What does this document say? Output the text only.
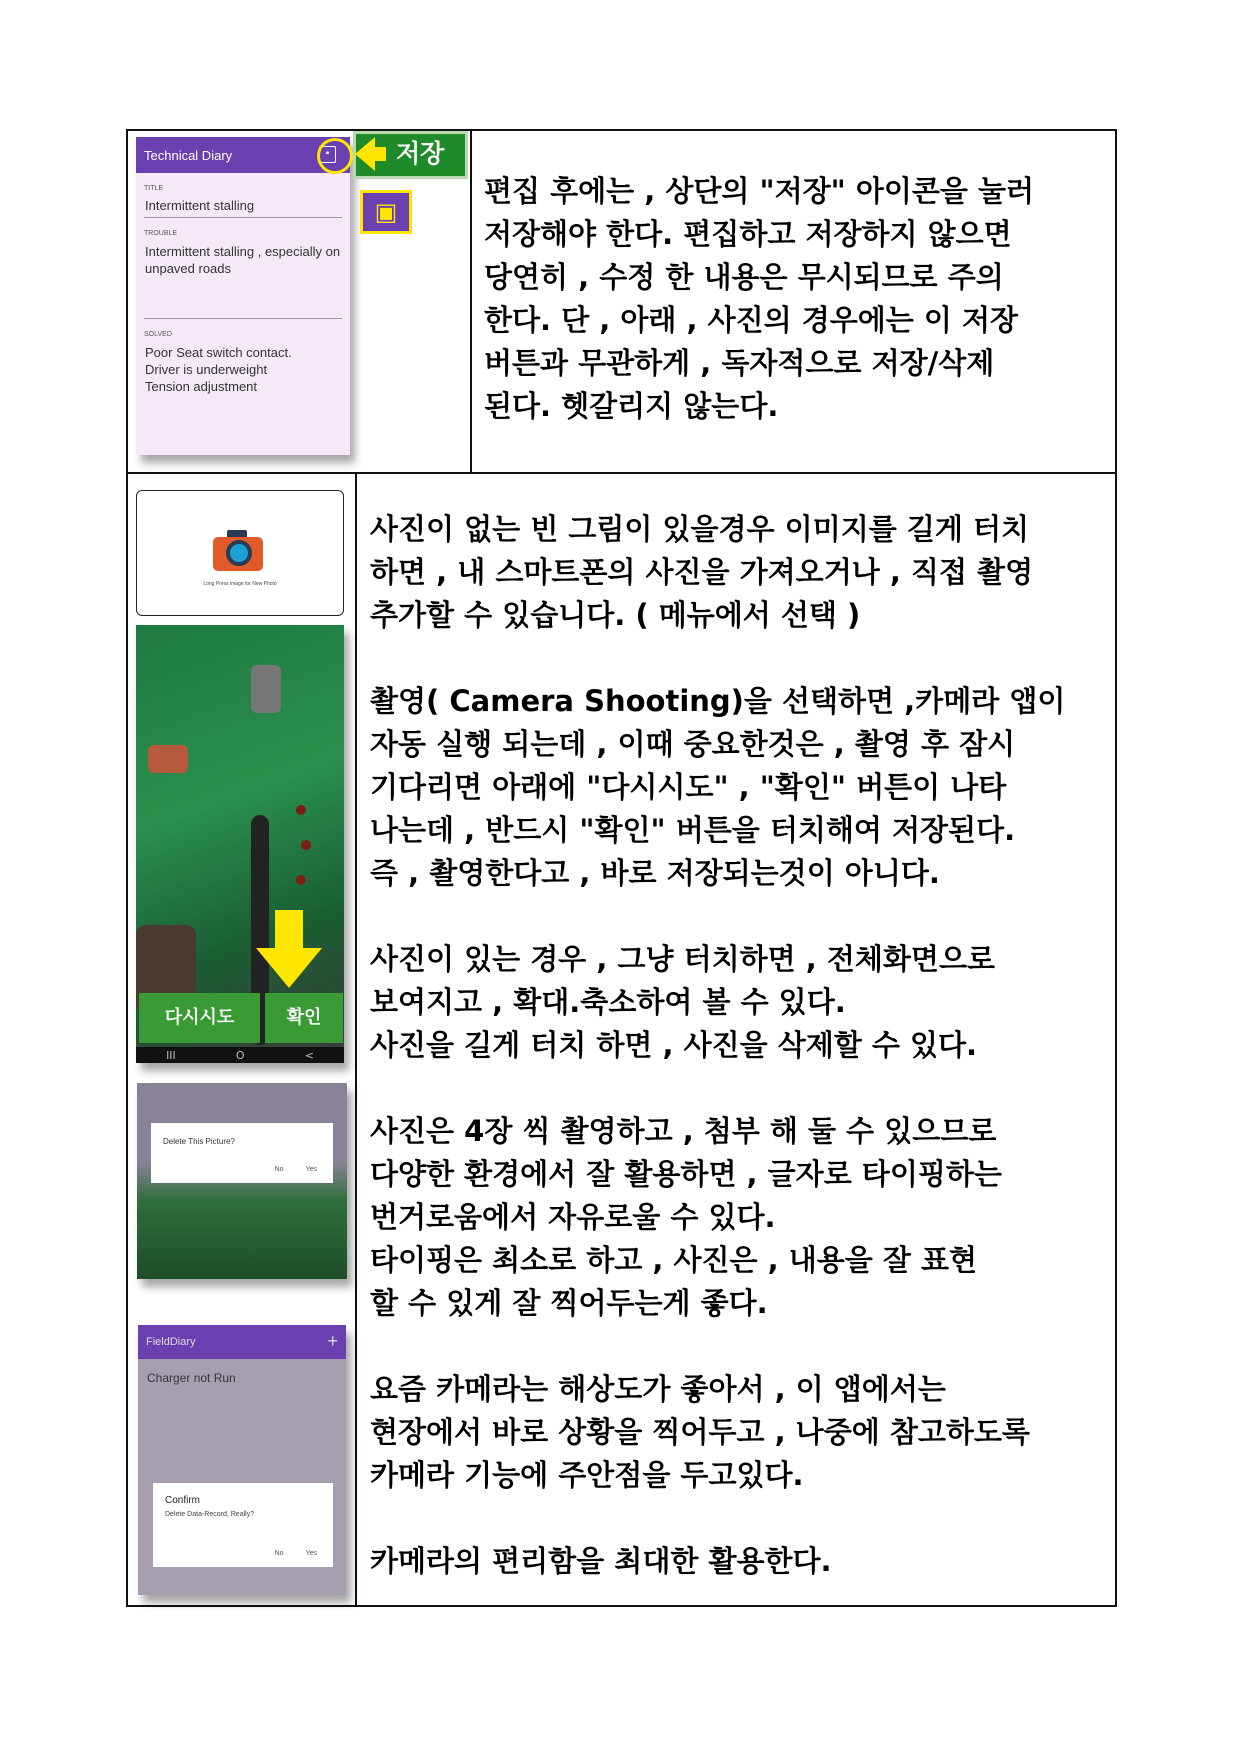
Technical Diary	▪
TITLE
Intermittent stalling
TROUBLE
Intermittent stalling , especially on unpaved roads
SOLVED
Poor Seat switch contact.
Driver is underweight
Tension adjustment
저장
▣

편집 후에는 , 상단의 "저장" 아이콘을 눌러

저장해야 한다. 편집하고 저장하지 않으면

당연히 , 수정 한 내용은 무시되므로 주의

한다. 단 , 아래 , 사진의 경우에는 이 저장

버튼과 무관하게 , 독자적으로 저장/삭제

된다. 헷갈리지 않는다.

Long Press image for New Photo
다시시도	확인
III	O	<
Delete This Picture?
No	Yes
FieldDiary	+
Charger not Run
Confirm
Delete Data-Record, Really?
No	Yes

사진이 없는 빈 그림이 있을경우 이미지를 길게 터치

하면 , 내 스마트폰의 사진을 가져오거나 , 직접 촬영

추가할 수 있습니다. ( 메뉴에서 선택 )

촬영( Camera Shooting)을 선택하면 ,카메라 앱이

자동 실행 되는데 , 이때 중요한것은 , 촬영 후 잠시

기다리면 아래에 "다시시도" , "확인" 버튼이 나타

나는데 , 반드시 "확인" 버튼을 터치해여 저장된다.

즉 , 촬영한다고 , 바로 저장되는것이 아니다.

사진이 있는 경우 , 그냥 터치하면 , 전체화면으로

보여지고 , 확대.축소하여 볼 수 있다.

사진을 길게 터치 하면 , 사진을 삭제할 수 있다.

사진은 4장 씩 촬영하고 , 첨부 해 둘 수 있으므로

다양한 환경에서 잘 활용하면 , 글자로 타이핑하는

번거로움에서 자유로울 수 있다.

타이핑은 최소로 하고 , 사진은 , 내용을 잘 표현

할 수 있게 잘 찍어두는게 좋다.

요즘 카메라는 해상도가 좋아서 , 이 앱에서는

현장에서 바로 상황을 찍어두고 , 나중에 참고하도록

카메라 기능에 주안점을 두고있다.

카메라의 편리함을 최대한 활용한다.
